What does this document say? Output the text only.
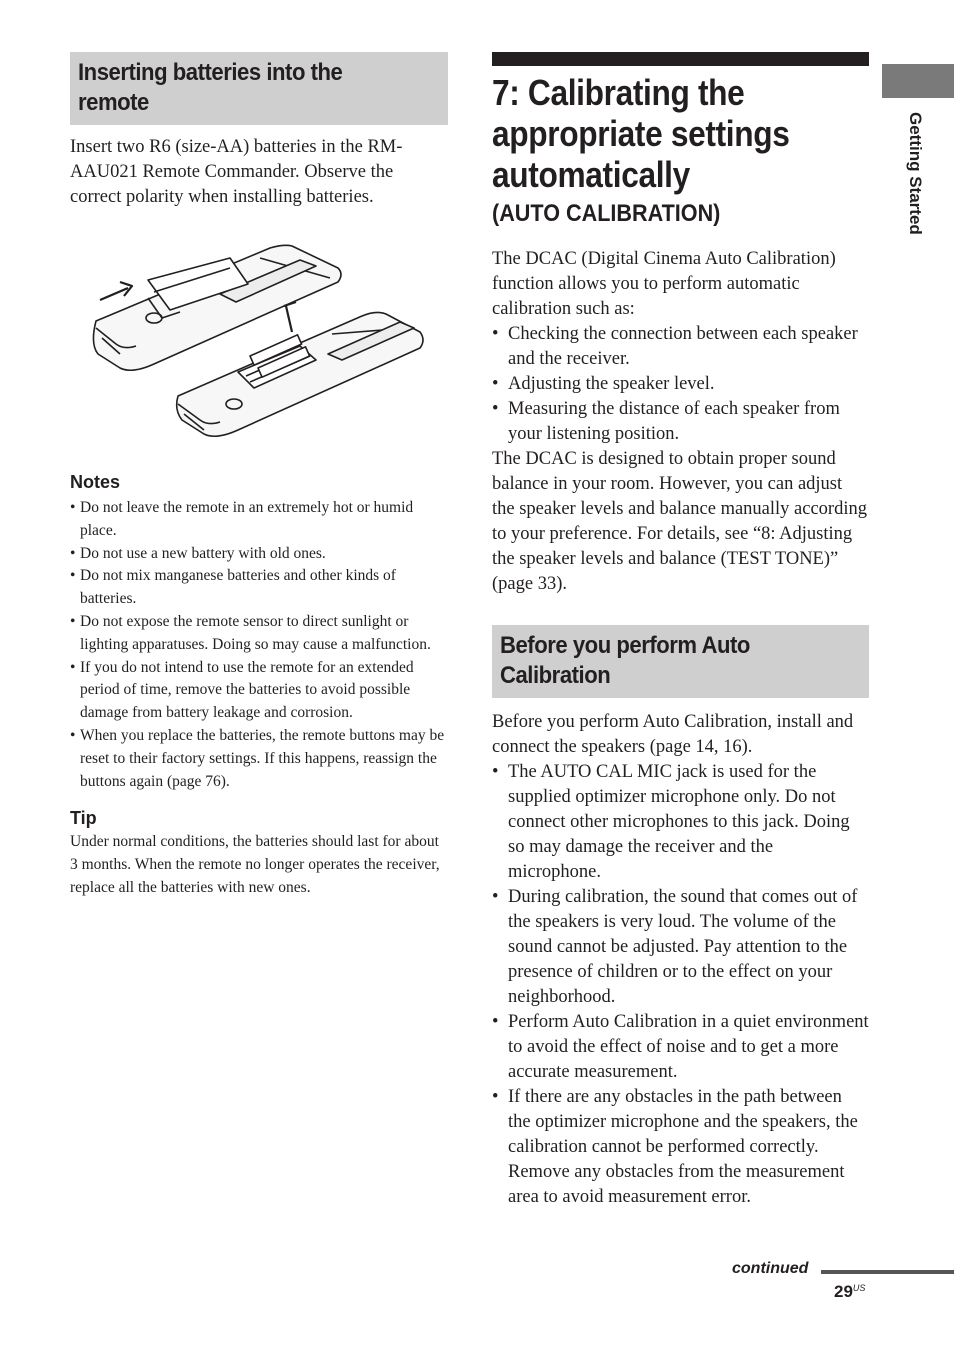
Getting Started
Inserting batteries into the
remote

Insert two R6 (size-AA) batteries in the RM-AAU021 Remote Commander. Observe the correct polarity when installing batteries.

Notes
• Do not leave the remote in an extremely hot or humid place.
• Do not use a new battery with old ones.
• Do not mix manganese batteries and other kinds of batteries.
• Do not expose the remote sensor to direct sunlight or lighting apparatuses. Doing so may cause a malfunction.
• If you do not intend to use the remote for an extended period of time, remove the batteries to avoid possible damage from battery leakage and corrosion.
• When you replace the batteries, the remote buttons may be reset to their factory settings. If this happens, reassign the buttons again (page 76).
Tip

Under normal conditions, the batteries should last for about 3 months. When the remote no longer operates the receiver, replace all the batteries with new ones.

7: Calibrating the
appropriate settings
automatically
(AUTO CALIBRATION)

The DCAC (Digital Cinema Auto Calibration) function allows you to perform automatic calibration such as:

• Checking the connection between each speaker and the receiver.
• Adjusting the speaker level.
• Measuring the distance of each speaker from your listening position.

The DCAC is designed to obtain proper sound balance in your room. However, you can adjust the speaker levels and balance manually according to your preference. For details, see “8: Adjusting the speaker levels and balance (TEST TONE)” (page 33).

Before you perform Auto
Calibration

Before you perform Auto Calibration, install and connect the speakers (page 14, 16).

• The AUTO CAL MIC jack is used for the supplied optimizer microphone only. Do not connect other microphones to this jack. Doing so may damage the receiver and the microphone.
• During calibration, the sound that comes out of the speakers is very loud. The volume of the sound cannot be adjusted. Pay attention to the presence of children or to the effect on your neighborhood.
• Perform Auto Calibration in a quiet environment to avoid the effect of noise and to get a more accurate measurement.
• If there are any obstacles in the path between the optimizer microphone and the speakers, the calibration cannot be performed correctly. Remove any obstacles from the measurement area to avoid measurement error.
continued
$29^{US}$
